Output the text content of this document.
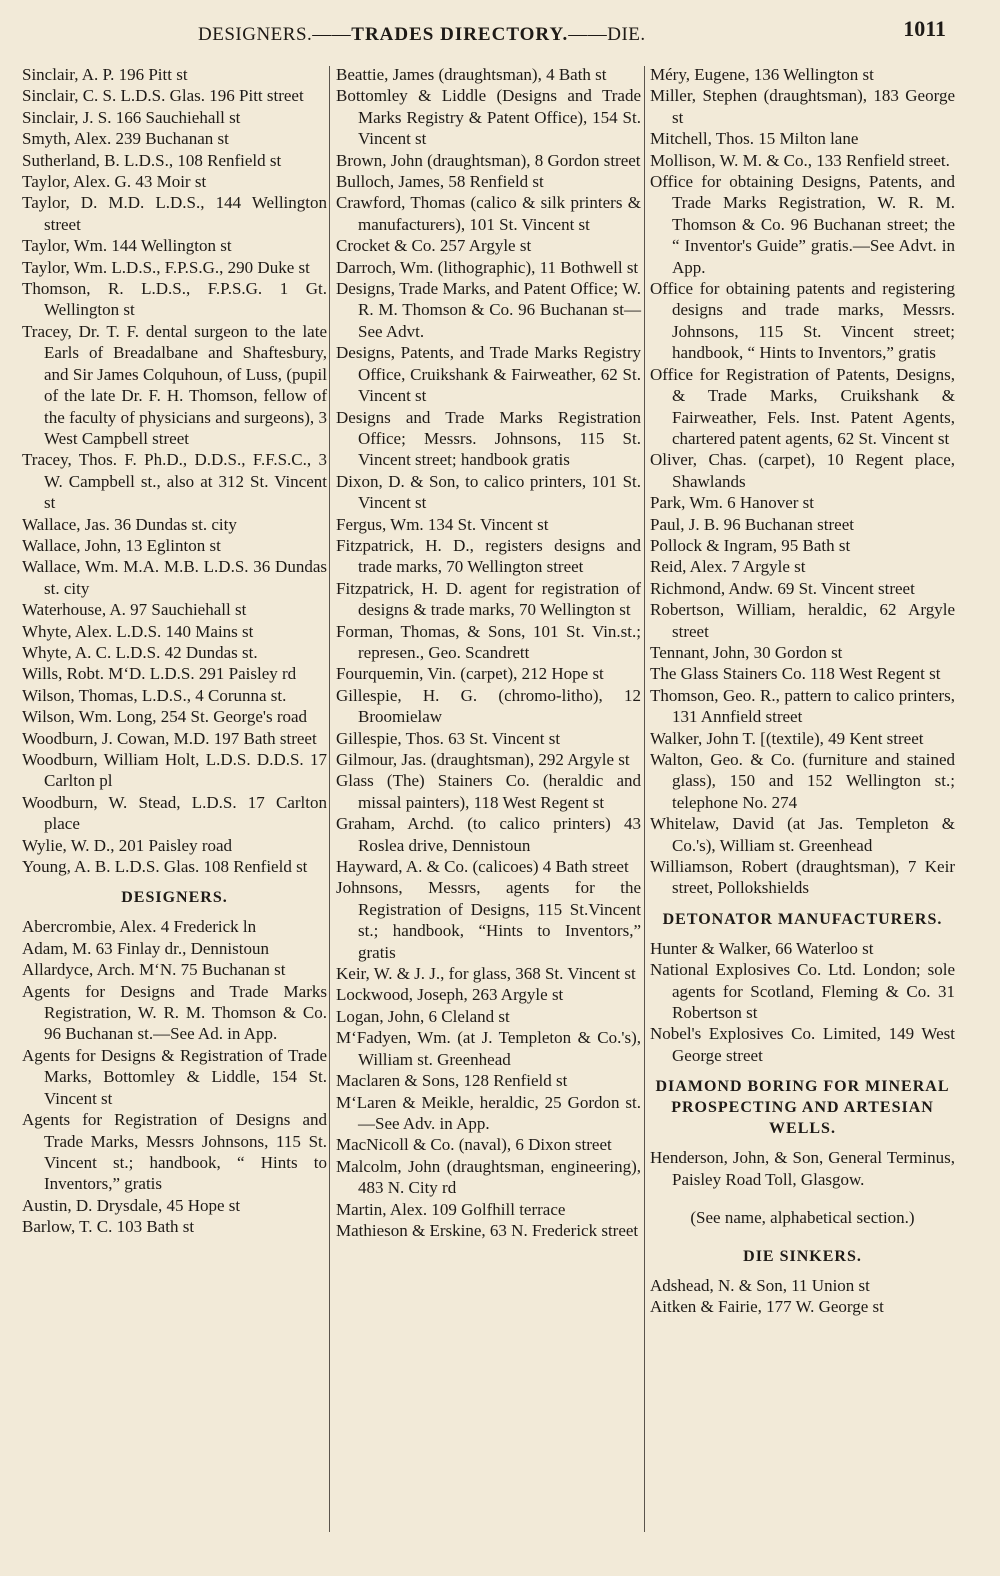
DESIGNERS.——TRADES DIRECTORY.——DIE.	1011

Sinclair, A. P. 196 Pitt st

Sinclair, C. S. L.D.S. Glas. 196 Pitt street

Sinclair, J. S. 166 Sauchiehall st

Smyth, Alex. 239 Buchanan st

Sutherland, B. L.D.S., 108 Renfield st

Taylor, Alex. G. 43 Moir st

Taylor, D. M.D. L.D.S., 144 Wellington street

Taylor, Wm. 144 Wellington st

Taylor, Wm. L.D.S., F.P.S.G., 290 Duke st

Thomson, R. L.D.S., F.P.S.G. 1 Gt. Wellington st

Tracey, Dr. T. F. dental surgeon to the late Earls of Breadalbane and Shaftesbury, and Sir James Colquhoun, of Luss, (pupil of the late Dr. F. H. Thomson, fellow of the faculty of physicians and surgeons), 3 West Campbell street

Tracey, Thos. F. Ph.D., D.D.S., F.F.S.C., 3 W. Campbell st., also at 312 St. Vincent st

Wallace, Jas. 36 Dundas st. city

Wallace, John, 13 Eglinton st

Wallace, Wm. M.A. M.B. L.D.S. 36 Dundas st. city

Waterhouse, A. 97 Sauchiehall st

Whyte, Alex. L.D.S. 140 Mains st

Whyte, A. C. L.D.S. 42 Dundas st.

Wills, Robt. M‘D. L.D.S. 291 Paisley rd

Wilson, Thomas, L.D.S., 4 Corunna st.

Wilson, Wm. Long, 254 St. George's road

Woodburn, J. Cowan, M.D. 197 Bath street

Woodburn, William Holt, L.D.S. D.D.S. 17 Carlton pl

Woodburn, W. Stead, L.D.S. 17 Carlton place

Wylie, W. D., 201 Paisley road

Young, A. B. L.D.S. Glas. 108 Renfield st

DESIGNERS.

Abercrombie, Alex. 4 Frederick ln

Adam, M. 63 Finlay dr., Dennistoun

Allardyce, Arch. M‘N. 75 Buchanan st

Agents for Designs and Trade Marks Registration, W. R. M. Thomson & Co. 96 Buchanan st.—See Ad. in App.

Agents for Designs & Registration of Trade Marks, Bottomley & Liddle, 154 St. Vincent st

Agents for Registration of Designs and Trade Marks, Messrs Johnsons, 115 St. Vincent st.; handbook, “ Hints to Inventors,” gratis

Austin, D. Drysdale, 45 Hope st

Barlow, T. C. 103 Bath st

Beattie, James (draughtsman), 4 Bath st

Bottomley & Liddle (Designs and Trade Marks Registry & Patent Office), 154 St. Vincent st

Brown, John (draughtsman), 8 Gordon street

Bulloch, James, 58 Renfield st

Crawford, Thomas (calico & silk printers & manufacturers), 101 St. Vincent st

Crocket & Co. 257 Argyle st

Darroch, Wm. (lithographic), 11 Bothwell st

Designs, Trade Marks, and Patent Office; W. R. M. Thomson & Co. 96 Buchanan st—See Advt.

Designs, Patents, and Trade Marks Registry Office, Cruikshank & Fairweather, 62 St. Vincent st

Designs and Trade Marks Registration Office; Messrs. Johnsons, 115 St. Vincent street; handbook gratis

Dixon, D. & Son, to calico printers, 101 St. Vincent st

Fergus, Wm. 134 St. Vincent st

Fitzpatrick, H. D., registers designs and trade marks, 70 Wellington street

Fitzpatrick, H. D. agent for registration of designs & trade marks, 70 Wellington st

Forman, Thomas, & Sons, 101 St. Vin.st.; represen., Geo. Scandrett

Fourquemin, Vin. (carpet), 212 Hope st

Gillespie, H. G. (chromo-litho), 12 Broomielaw

Gillespie, Thos. 63 St. Vincent st

Gilmour, Jas. (draughtsman), 292 Argyle st

Glass (The) Stainers Co. (heraldic and missal painters), 118 West Regent st

Graham, Archd. (to calico printers) 43 Roslea drive, Dennistoun

Hayward, A. & Co. (calicoes) 4 Bath street

Johnsons, Messrs, agents for the Registration of Designs, 115 St.Vincent st.; handbook, “Hints to Inventors,” gratis

Keir, W. & J. J., for glass, 368 St. Vincent st

Lockwood, Joseph, 263 Argyle st

Logan, John, 6 Cleland st

M‘Fadyen, Wm. (at J. Templeton & Co.'s), William st. Greenhead

Maclaren & Sons, 128 Renfield st

M‘Laren & Meikle, heraldic, 25 Gordon st.—See Adv. in App.

MacNicoll & Co. (naval), 6 Dixon street

Malcolm, John (draughtsman, engineering), 483 N. City rd

Martin, Alex. 109 Golfhill terrace

Mathieson & Erskine, 63 N. Frederick street

Méry, Eugene, 136 Wellington st

Miller, Stephen (draughtsman), 183 George st

Mitchell, Thos. 15 Milton lane

Mollison, W. M. & Co., 133 Renfield street.

Office for obtaining Designs, Patents, and Trade Marks Registration, W. R. M. Thomson & Co. 96 Buchanan street; the “ Inventor's Guide” gratis.—See Advt. in App.

Office for obtaining patents and registering designs and trade marks, Messrs. Johnsons, 115 St. Vincent street; handbook, “ Hints to Inventors,” gratis

Office for Registration of Patents, Designs, & Trade Marks, Cruikshank & Fairweather, Fels. Inst. Patent Agents, chartered patent agents, 62 St. Vincent st

Oliver, Chas. (carpet), 10 Regent place, Shawlands

Park, Wm. 6 Hanover st

Paul, J. B. 96 Buchanan street

Pollock & Ingram, 95 Bath st

Reid, Alex. 7 Argyle st

Richmond, Andw. 69 St. Vincent street

Robertson, William, heraldic, 62 Argyle street

Tennant, John, 30 Gordon st

The Glass Stainers Co. 118 West Regent st

Thomson, Geo. R., pattern to calico printers, 131 Annfield street

Walker, John T. [(textile), 49 Kent street

Walton, Geo. & Co. (furniture and stained glass), 150 and 152 Wellington st.; telephone No. 274

Whitelaw, David (at Jas. Templeton & Co.'s), William st. Greenhead

Williamson, Robert (draughtsman), 7 Keir street, Pollokshields

DETONATOR MANUFACTURERS.

Hunter & Walker, 66 Waterloo st

National Explosives Co. Ltd. London; sole agents for Scotland, Fleming & Co. 31 Robertson st

Nobel's Explosives Co. Limited, 149 West George street

DIAMOND BORING FOR MINERAL PROSPECTING AND ARTESIAN WELLS.

Henderson, John, & Son, General Terminus, Paisley Road Toll, Glasgow.

(See name, alphabetical section.)

DIE SINKERS.

Adshead, N. & Son, 11 Union st

Aitken & Fairie, 177 W. George st
